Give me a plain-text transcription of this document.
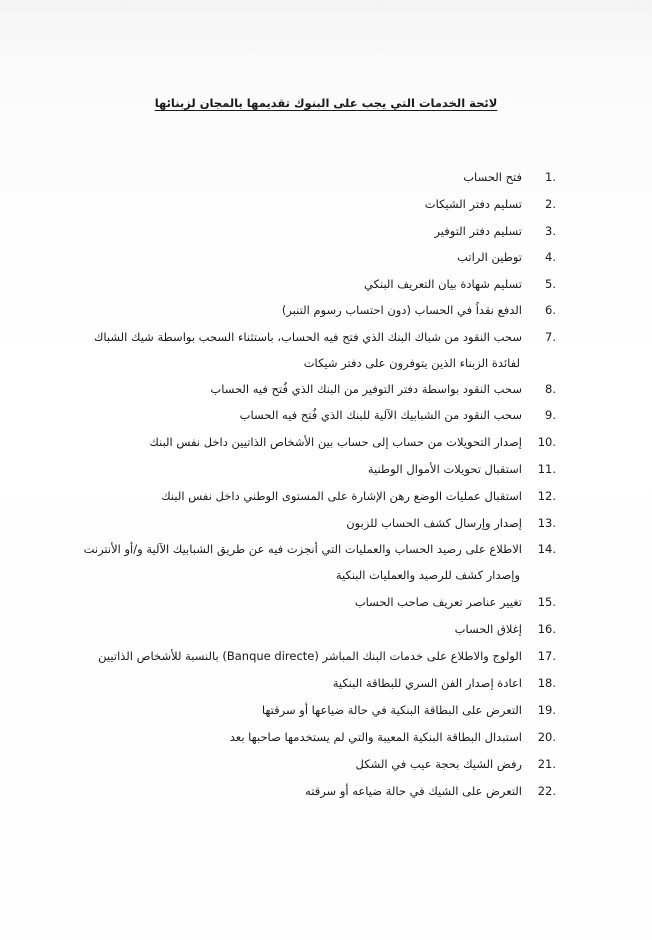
لائحة الخدمات التي يجب على البنوك تقديمها بالمجان لزبنائها
1.فتح الحساب
2.تسليم دفتر الشيكات
3.تسليم دفتر التوفير
4.توطين الراتب
5.تسليم شهادة بيان التعريف البنكي
6.الدفع نقداً في الحساب (دون احتساب رسوم التنبر)
7.سحب النقود من شباك البنك الذي فتح فيه الحساب، باستثناء السحب بواسطة شيك الشباك
لفائدة الزبناء الذين يتوفرون على دفتر شيكات
8.سحب النقود بواسطة دفتر التوفير من البنك الذي فُتح فيه الحساب
9.سحب النقود من الشبابيك الآلية للبنك الذي فُتح فيه الحساب
10.إصدار التحويلات من حساب إلى حساب بين الأشخاص الذاتيين داخل نفس البنك
11.استقبال تحويلات الأموال الوطنية
12.استقبال عمليات الوضع رهن الإشارة على المستوى الوطني داخل نفس البنك
13.إصدار وإرسال كشف الحساب للزبون
14.الاطلاع على رصيد الحساب والعمليات التي أنجزت فيه عن طريق الشبابيك الآلية و/أو الأنترنت
وإصدار كشف للرصيد والعمليات البنكية
15.تغيير عناصر تعريف صاحب الحساب
16.إغلاق الحساب
17.الولوج والاطلاع على خدمات البنك المباشر (Banque directe) بالنسبة للأشخاص الذاتيين
18.اعادة إصدار الفن السري للبطاقة البنكية
19.التعرض على البطاقة البنكية في حالة ضياعها أو سرقتها
20.استبدال البطاقة البنكية المعيبة والتي لم يستخدمها صاحبها بعد
21.رفض الشيك بحجة عيب في الشكل
22.التعرض على الشيك في حالة ضياعه أو سرقته
